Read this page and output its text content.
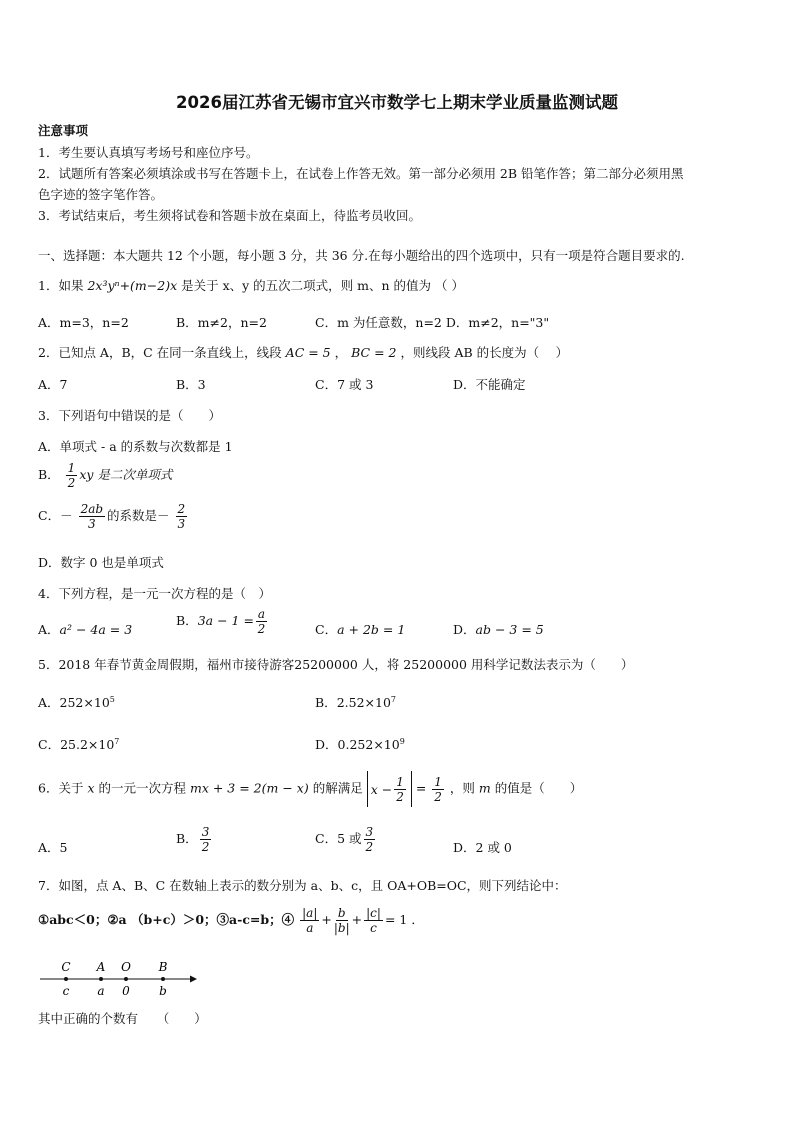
2026届江苏省无锡市宜兴市数学七上期末学业质量监测试题
注意事项
1．考生要认真填写考场号和座位序号。
2．试题所有答案必须填涂或书写在答题卡上，在试卷上作答无效。第一部分必须用 2B 铅笔作答；第二部分必须用黑
色字迹的签字笔作答。
3．考试结束后，考生须将试卷和答题卡放在桌面上，待监考员收回。
一、选择题：本大题共 12 个小题，每小题 3 分，共 36 分.在每小题给出的四个选项中，只有一项是符合题目要求的.
1．如果 2x³yⁿ+(m−2)x 是关于 x、y 的五次二项式，则 m、n 的值为 （ ）
A．m=3，n=2	B．m≠2，n=2	C．m 为任意数，n=2 D．m≠2，n="3"
2．已知点 A，B，C 在同一条直线上，线段 AC = 5 ， BC = 2 ，则线段 AB 的长度为（　 ）
A．7	B．3	C．7 或 3	D．不能确定
3．下列语句中错误的是（　　）
A．单项式 - a 的系数与次数都是 1
B． $\frac{1}{2}$ xy 是二次单项式
C．－ $\frac{2ab}{3}$ 的系数是－ $\frac{2}{3}$
D．数字 0 也是单项式
4．下列方程，是一元一次方程的是（　）
A．a² − 4a = 3
B．$3a - 1 = \frac{a}{2}$	C．a + 2b = 1	D．ab − 3 = 5
5．2018 年春节黄金周假期，福州市接待游客25200000 人，将 25200000 用科学记数法表示为（　　）
A．$252\times 10^5$	B．$2.52\times 10^7$
C．$25.2\times 10^7$	D．$0.252\times 10^9$
6．关于 x 的一元一次方程 mx + 3 = 2(m − x) 的解满足 $x - \frac{1}{2} = \frac{1}{2}$ ，则 m 的值是（　　）
A．5
B． $\frac{3}{2}$	C．5 或 $\frac{3}{2}$	D．2 或 0
7．如图，点 A、B、C 在数轴上表示的数分别为 a、b、c，且 OA+OB=OC，则下列结论中：
①abc＜0；②a （b+c）＞0；③a-c=b；④ $\frac{|a|}{a} + \frac{b}{|b|} + \frac{|c|}{c} = 1$ ．
C A O B
c a 0 b
其中正确的个数有　　（　　）
